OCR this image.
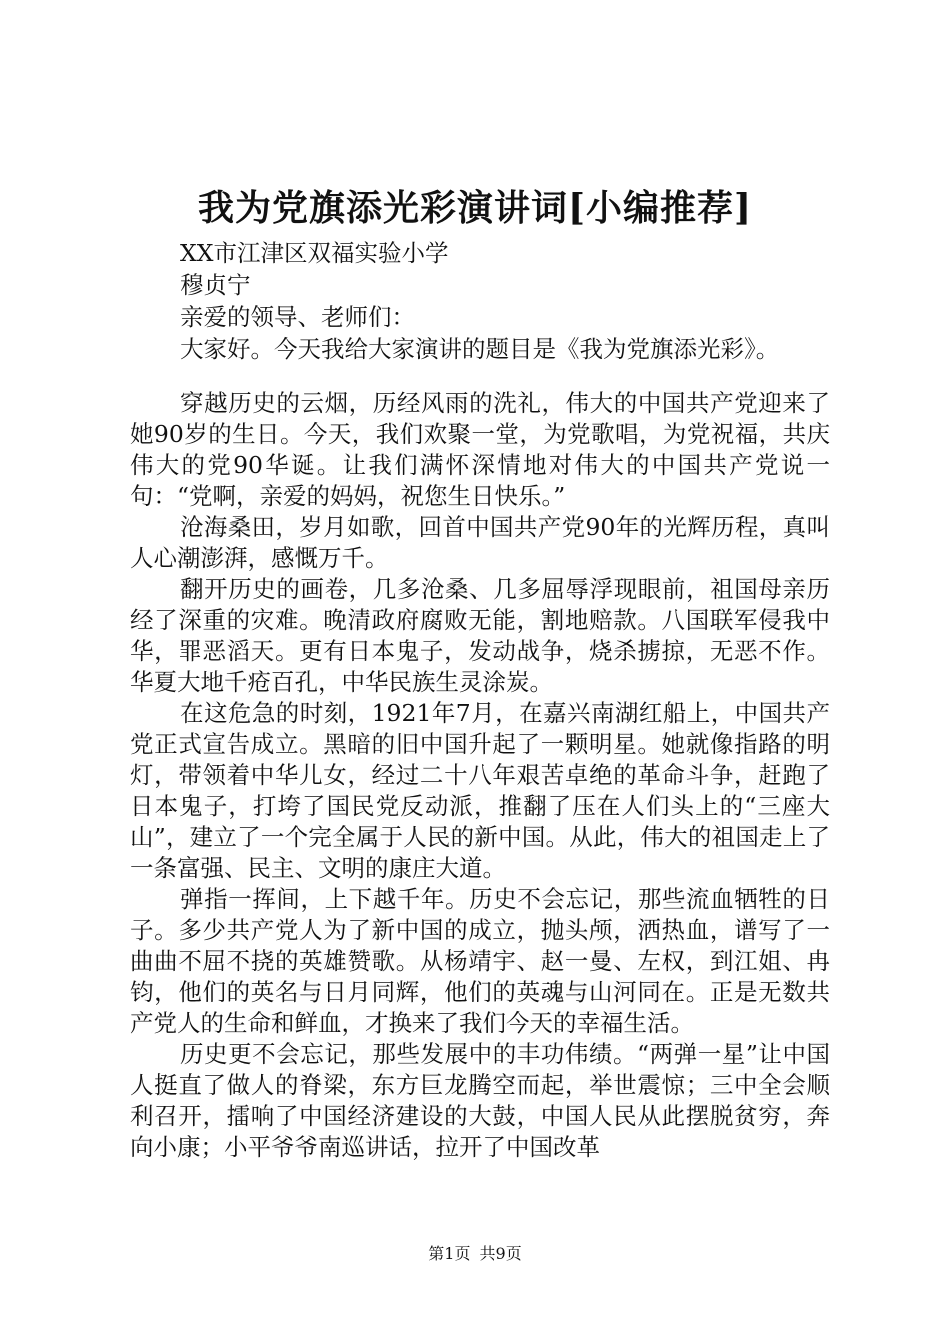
我为党旗添光彩演讲词[小编推荐]
XX市江津区双福实验小学
穆贞宁
亲爱的领导、老师们：
大家好。今天我给大家演讲的题目是《我为党旗添光彩》。

穿越历史的云烟，历经风雨的洗礼，伟大的中国共产党迎来了她90岁的生日。今天，我们欢聚一堂，为党歌唱，为党祝福，共庆伟大的党90华诞。让我们满怀深情地对伟大的中国共产党说一句：“党啊，亲爱的妈妈，祝您生日快乐。”

沧海桑田，岁月如歌，回首中国共产党90年的光辉历程，真叫人心潮澎湃，感慨万千。

翻开历史的画卷，几多沧桑、几多屈辱浮现眼前，祖国母亲历经了深重的灾难。晚清政府腐败无能，割地赔款。八国联军侵我中华，罪恶滔天。更有日本鬼子，发动战争，烧杀掳掠，无恶不作。华夏大地千疮百孔，中华民族生灵涂炭。

在这危急的时刻，1921年7月，在嘉兴南湖红船上，中国共产党正式宣告成立。黑暗的旧中国升起了一颗明星。她就像指路的明灯，带领着中华儿女，经过二十八年艰苦卓绝的革命斗争，赶跑了日本鬼子，打垮了国民党反动派，推翻了压在人们头上的“三座大山”，建立了一个完全属于人民的新中国。从此，伟大的祖国走上了一条富强、民主、文明的康庄大道。

弹指一挥间，上下越千年。历史不会忘记，那些流血牺牲的日子。多少共产党人为了新中国的成立，抛头颅，洒热血，谱写了一曲曲不屈不挠的英雄赞歌。从杨靖宇、赵一曼、左权，到江姐、冉钧，他们的英名与日月同辉，他们的英魂与山河同在。正是无数共产党人的生命和鲜血，才换来了我们今天的幸福生活。

历史更不会忘记，那些发展中的丰功伟绩。“两弹一星”让中国人挺直了做人的脊梁，东方巨龙腾空而起，举世震惊；三中全会顺利召开，擂响了中国经济建设的大鼓，中国人民从此摆脱贫穷，奔向小康；小平爷爷南巡讲话，拉开了中国改革

第1页 共9页
